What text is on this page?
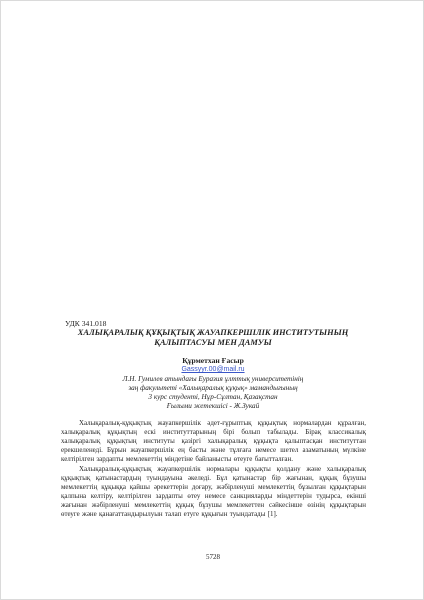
УДК 341.018
ХАЛЫҚАРАЛЫҚ ҚҰҚЫҚТЫҚ ЖАУАПКЕРШІЛІК ИНСТИТУТЫНЫҢ
ҚАЛЫПТАСУЫ МЕН ДАМУЫ
Құрметхан Ғасыр
Gassyyr.00@mail.ru
Л.Н. Гумилев атындағы Еуразия ұлттық университетінің
заң факультеті «Халықаралық құқық» мамандығының
3 курс студенті, Нұр-Сұлтан, Қазақстан
Ғылыми жетекшісі - Ж.Зукай

Халықаралық-құқықтық жауапкершілік әдет-ғұрыптық құқықтық нормалардан құралған, халықаралық құқықтың ескі институттарының бірі болып табылады. Бірақ классикалық халықаралық құқықтың институты қазіргі халықаралық құқықта қалыптасқан институттан ерекшеленеді. Бұрын жауапкершілік ең басты және тұлғаға немесе шетел азаматының мүлкіне келтірілген зардапты мемлекеттің міндетіне байланысты өтеуге бағытталған.

Халықаралық-құқықтық жауапкершілік нормалары құқықты қолдану және халықаралық құқықтық қатынастардың туындауына әкеледі. Бұл қатынастар бір жағынан, құқық бұзушы мемлекеттің құқыққа қайшы әрекеттерін доғару, жәбірленуші мемлекеттің бұзылған құқықтарын қалпына келтіру, келтірілген зардапты өтеу немесе санкцияларды міндеттерін тудырса, екінші жағынан жәбірленуші мемлекеттің құқық бұзушы мемлекеттен сәйкесінше өзінің құқықтарын өтеуге және қанағаттандырылуын талап етуге құқығын туындатады [1].

5728
